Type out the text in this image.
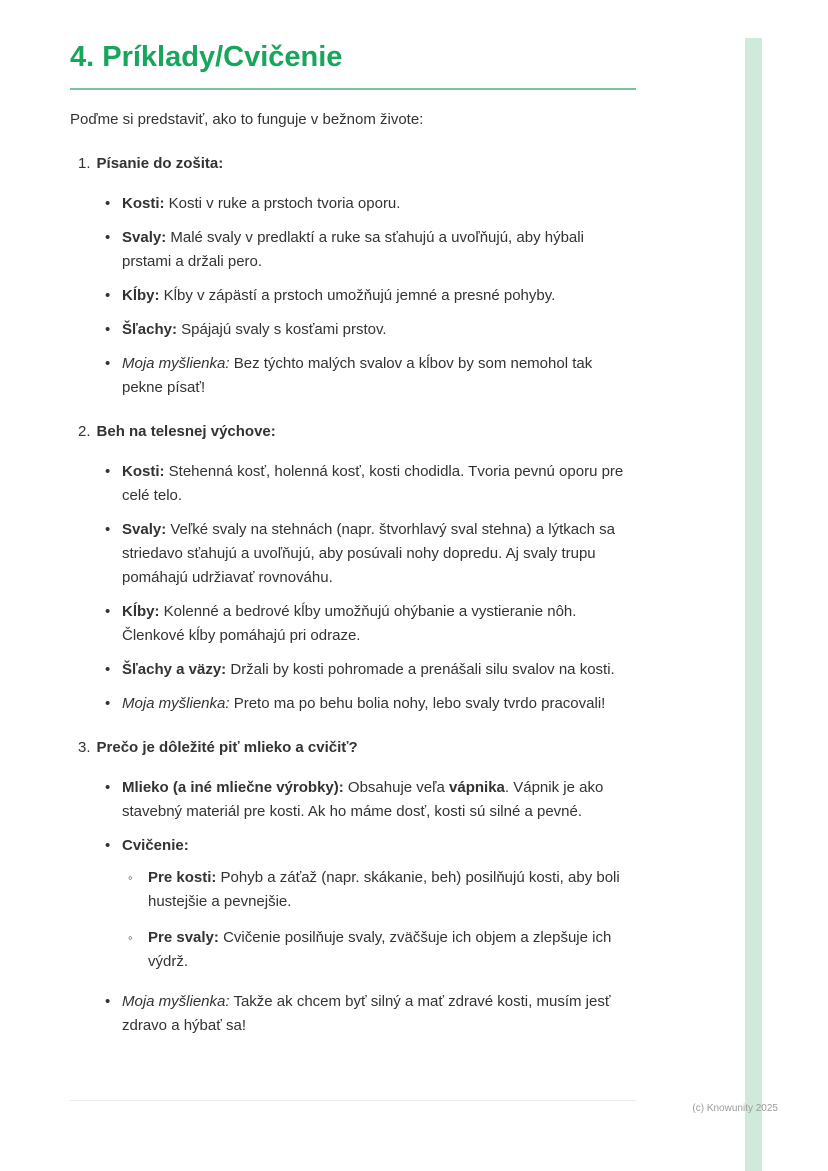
4. Príklady/Cvičenie

Poďme si predstaviť, ako to funguje v bežnom živote:

1. Písanie do zošita:
• Kosti: Kosti v ruke a prstoch tvoria oporu.

• Svaly: Malé svaly v predlaktí a ruke sa sťahujú a uvoľňujú, aby hýbali prstami a držali pero.

• Kĺby: Kĺby v zápästí a prstoch umožňujú jemné a presné pohyby.

• Šľachy: Spájajú svaly s kosťami prstov.

• Moja myšlienka: Bez týchto malých svalov a kĺbov by som nemohol tak pekne písať!

2. Beh na telesnej výchove:
• Kosti: Stehenná kosť, holenná kosť, kosti chodidla. Tvoria pevnú oporu pre celé telo.

• Svaly: Veľké svaly na stehnách (napr. štvorhlavý sval stehna) a lýtkach sa striedavo sťahujú a uvoľňujú, aby posúvali nohy dopredu. Aj svaly trupu pomáhajú udržiavať rovnováhu.

• Kĺby: Kolenné a bedrové kĺby umožňujú ohýbanie a vystieranie nôh. Členkové kĺby pomáhajú pri odraze.

• Šľachy a väzy: Držali by kosti pohromade a prenášali silu svalov na kosti.

• Moja myšlienka: Preto ma po behu bolia nohy, lebo svaly tvrdo pracovali!

3. Prečo je dôležité piť mlieko a cvičiť?
• Mlieko (a iné mliečne výrobky): Obsahuje veľa vápnika. Vápnik je ako stavebný materiál pre kosti. Ak ho máme dosť, kosti sú silné a pevné.

• Cvičenie:

◦	Pre kosti: Pohyb a záťaž (napr. skákanie, beh) posilňujú kosti, aby boli hustejšie a pevnejšie.

◦	Pre svaly: Cvičenie posilňuje svaly, zväčšuje ich objem a zlepšuje ich výdrž.

• Moja myšlienka: Takže ak chcem byť silný a mať zdravé kosti, musím jesť zdravo a hýbať sa!

(c) Knowunity 2025
